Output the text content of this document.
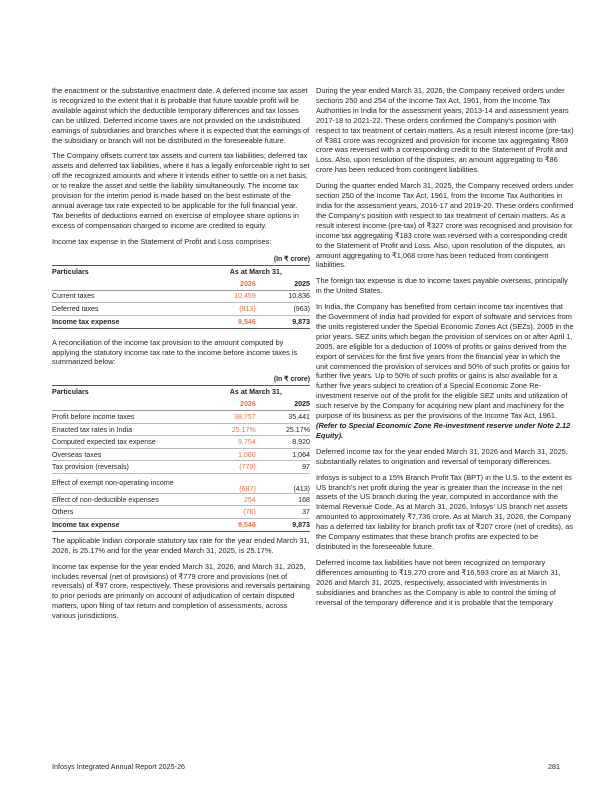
the enactment or the substantive enactment date. A deferred income tax asset is recognized to the extent that it is probable that future taxable profit will be available against which the deductible temporary differences and tax losses can be utilized. Deferred income taxes are not provided on the undistributed earnings of subsidiaries and branches where it is expected that the earnings of the subsidiary or branch will not be distributed in the foreseeable future.

The Company offsets current tax assets and current tax liabilities; deferred tax assets and deferred tax liabilities, where it has a legally enforceable right to set off the recognized amounts and where it intends either to settle on a net basis, or to realize the asset and settle the liability simultaneously. The income tax provision for the interim period is made based on the best estimate of the annual average tax rate expected to be applicable for the full financial year. Tax benefits of deductions earned on exercise of employee share options in excess of compensation charged to income are credited to equity.

Income tax expense in the Statement of Profit and Loss comprises:

(In ₹ crore)		
Particulars	As at March 31,	
	2026	2025
Current taxes	10,459	10,836
Deferred taxes	(913)	(963)
Income tax expense	9,546	9,873

A reconciliation of the income tax provision to the amount computed by applying the statutory income tax rate to the income before income taxes is summarized below:

(In ₹ crore)		
Particulars	As at March 31,	
	2026	2025
Profit before income taxes	38,757	35,441
Enacted tax rates in India	25.17%	25.17%
Computed expected tax expense	9,754	8,920
Overseas taxes	1,080	1,064
Tax provision (reversals)	(779)	97
Effect of exempt non-operating income	(687)	(413)
Effect of non-deductible expenses	254	168
Others	(76)	37
Income tax expense	9,546	9,873

The applicable Indian corporate statutory tax rate for the year ended March 31, 2026, is 25.17% and for the year ended March 31, 2025, is 25.17%.

Income tax expense for the year ended March 31, 2026, and March 31, 2025, includes reversal (net of provisions) of ₹779 crore and provisions (net of reversals) of ₹97 crore, respectively. These provisions and reversals pertaining to prior periods are primarily on account of adjudication of certain disputed matters, upon filing of tax return and completion of assessments, across various jurisdictions.

During the year ended March 31, 2026, the Company received orders under sections 250 and 254 of the Income Tax Act, 1961, from the Income Tax Authorities in India for the assessment years, 2013-14 and assessment years 2017-18 to 2021-22. These orders confirmed the Company's position with respect to tax treatment of certain matters. As a result interest income (pre-tax) of ₹381 crore was recognized and provision for income tax aggregating ₹869 crore was reversed with a corresponding credit to the Statement of Profit and Loss. Also, upon resolution of the disputes, an amount aggregating to ₹86 crore has been reduced from contingent liabilities.

During the quarter ended March 31, 2025, the Company received orders under section 250 of the Income Tax Act, 1961, from the Income Tax Authorities in India for the assessment years, 2016-17 and 2019-20. These orders confirmed the Company's position with respect to tax treatment of certain matters. As a result interest income (pre-tax) of ₹327 crore was recognised and provision for income tax aggregating ₹183 crore was reversed with a corresponding credit to the Statement of Profit and Loss. Also, upon resolution of the disputes, an amount aggregating to ₹1,068 crore has been reduced from contingent liabilities.

The foreign tax expense is due to income taxes payable overseas, principally in the United States.

In India, the Company has benefited from certain income tax incentives that the Government of India had provided for export of software and services from the units registered under the Special Economic Zones Act (SEZs), 2005 in the prior years. SEZ units which began the provision of services on or after April 1, 2005, are eligible for a deduction of 100% of profits or gains derived from the export of services for the first five years from the financial year in which the unit commenced the provision of services and 50% of such profits or gains for further five years. Up to 50% of such profits or gains is also available for a further five years subject to creation of a Special Economic Zone Re-investment reserve out of the profit for the eligible SEZ units and utilization of such reserve by the Company for acquiring new plant and machinery for the purpose of its business as per the provisions of the Income Tax Act, 1961. (Refer to Special Economic Zone Re-investment reserve under Note 2.12 Equity).

Deferred income tax for the year ended March 31, 2026 and March 31, 2025, substantially relates to origination and reversal of temporary differences.

Infosys is subject to a 15% Branch Profit Tax (BPT) in the U.S. to the extent its US branch's net profit during the year is greater than the increase in the net assets of the US branch during the year, computed in accordance with the Internal Revenue Code. As at March 31, 2026, Infosys' US branch net assets amounted to approximately ₹7,736 crore. As at March 31, 2026, the Company has a deferred tax liability for branch profit tax of ₹207 crore (net of credits), as the Company estimates that these branch profits are expected to be distributed in the foreseeable future.

Deferred income tax liabilities have not been recognized on temporary differences amounting to ₹19,270 crore and ₹16,593 crore as at March 31, 2026 and March 31, 2025, respectively, associated with investments in subsidiaries and branches as the Company is able to control the timing of reversal of the temporary difference and it is probable that the temporary

Infosys Integrated Annual Report 2025-26	281
